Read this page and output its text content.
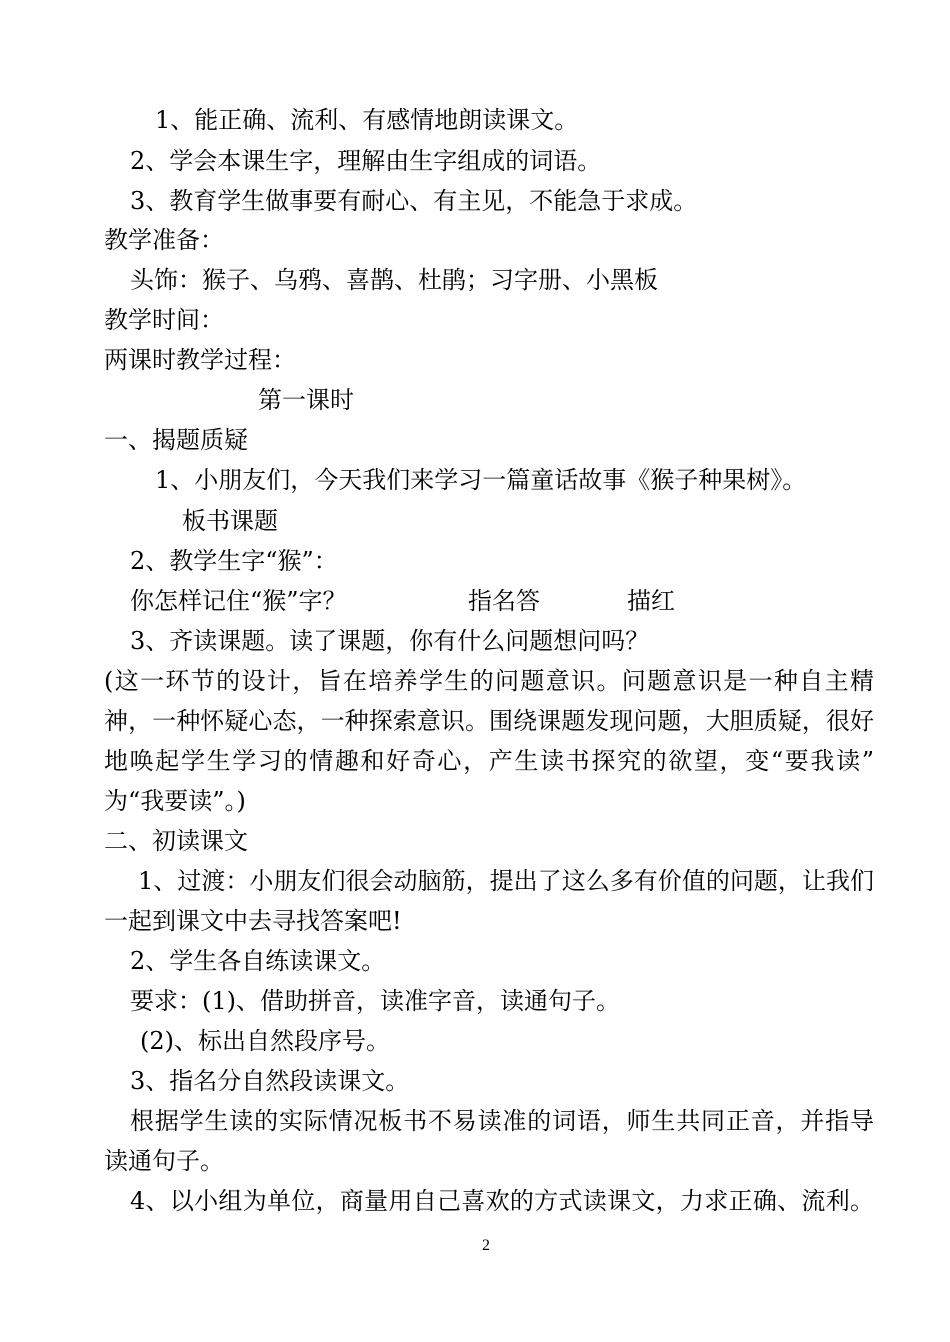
1、能正确、流利、有感情地朗读课文。
2、学会本课生字，理解由生字组成的词语。
3、教育学生做事要有耐心、有主见，不能急于求成。
教学准备：
头饰：猴子、乌鸦、喜鹊、杜鹃；习字册、小黑板
教学时间：
两课时教学过程：
第一课时
一、揭题质疑
1、小朋友们，今天我们来学习一篇童话故事《猴子种果树》。
板书课题
2、教学生字“猴”：
你怎样记住“猴”字？	指名答	描红
3、齐读课题。读了课题，你有什么问题想问吗？
(这一环节的设计，旨在培养学生的问题意识。问题意识是一种自主精
神，一种怀疑心态，一种探索意识。围绕课题发现问题，大胆质疑，很好
地唤起学生学习的情趣和好奇心，产生读书探究的欲望，变“要我读”
为“我要读”。)
二、初读课文
1、过渡：小朋友们很会动脑筋，提出了这么多有价值的问题，让我们
一起到课文中去寻找答案吧!
2、学生各自练读课文。
要求：(1)、借助拼音，读准字音，读通句子。
(2)、标出自然段序号。
3、指名分自然段读课文。
根据学生读的实际情况板书不易读准的词语，师生共同正音，并指导
读通句子。
4、以小组为单位，商量用自己喜欢的方式读课文，力求正确、流利。
2
